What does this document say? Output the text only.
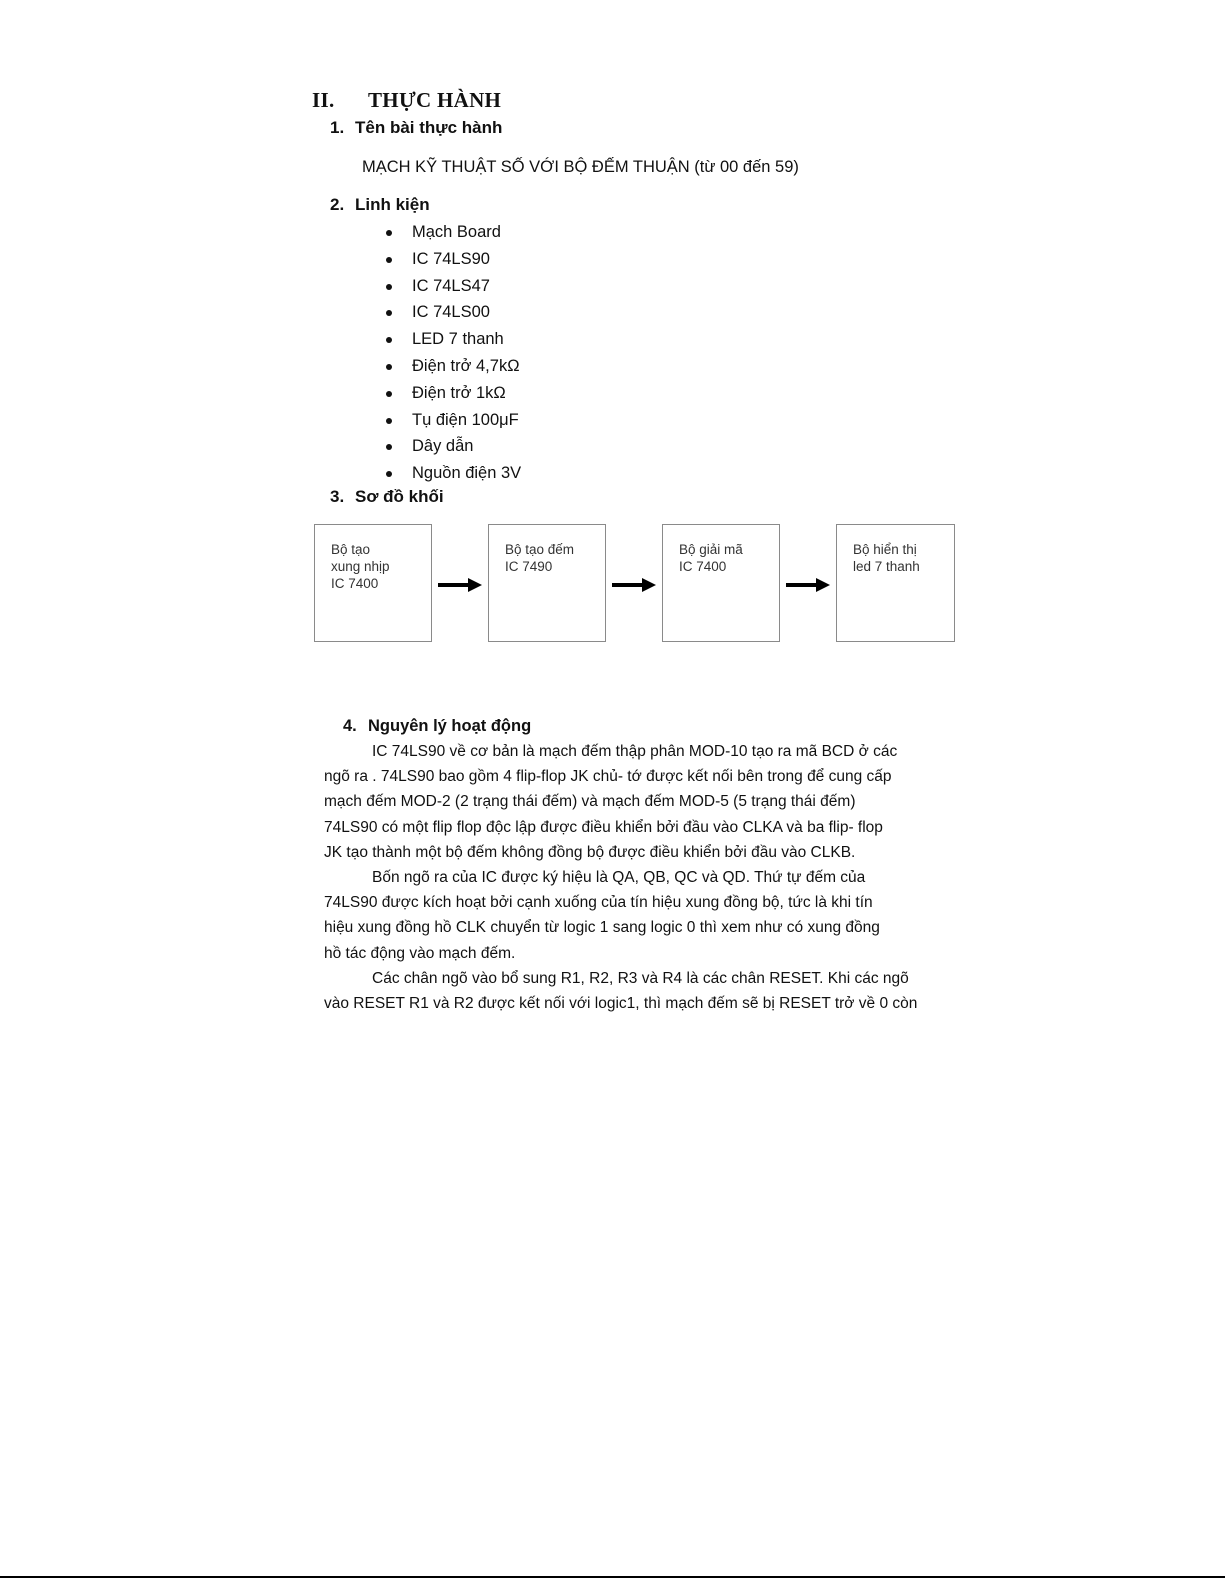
II. THỰC HÀNH
1. Tên bài thực hành
MẠCH KỸ THUẬT SỐ VỚI BỘ ĐẾM THUẬN (từ 00 đến 59)
2. Linh kiện
Mạch Board
IC 74LS90
IC 74LS47
IC 74LS00
LED 7 thanh
Điện trở 4,7kΩ
Điện trở 1kΩ
Tụ điện 100μF
Dây dẫn
Nguồn điện 3V
3. Sơ đồ khối
Bộ tạo
xung nhịp
IC 7400
Bộ tạo đếm
IC 7490
Bộ giải mã
IC 7400
Bộ hiển thị
led 7 thanh
4. Nguyên lý hoạt động
IC 74LS90 về cơ bản là mạch đếm thập phân MOD-10 tạo ra mã BCD ở các
ngõ ra . 74LS90 bao gồm 4 flip-flop JK chủ- tớ được kết nối bên trong để cung cấp
mạch đếm MOD-2 (2 trạng thái đếm) và mạch đếm MOD-5 (5 trạng thái đếm)
74LS90 có một flip flop độc lập được điều khiển bởi đầu vào CLKA và ba flip- flop
JK tạo thành một bộ đếm không đồng bộ được điều khiển bởi đầu vào CLKB.
Bốn ngõ ra của IC được ký hiệu là QA, QB, QC và QD. Thứ tự đếm của
74LS90 được kích hoạt bởi cạnh xuống của tín hiệu xung đồng bộ, tức là khi tín
hiệu xung đồng hồ CLK chuyển từ logic 1 sang logic 0 thì xem như có xung đồng
hồ tác động vào mạch đếm.
Các chân ngõ vào bổ sung R1, R2, R3 và R4 là các chân RESET. Khi các ngõ
vào RESET R1 và R2 được kết nối với logic1, thì mạch đếm sẽ bị RESET trở về 0 còn
